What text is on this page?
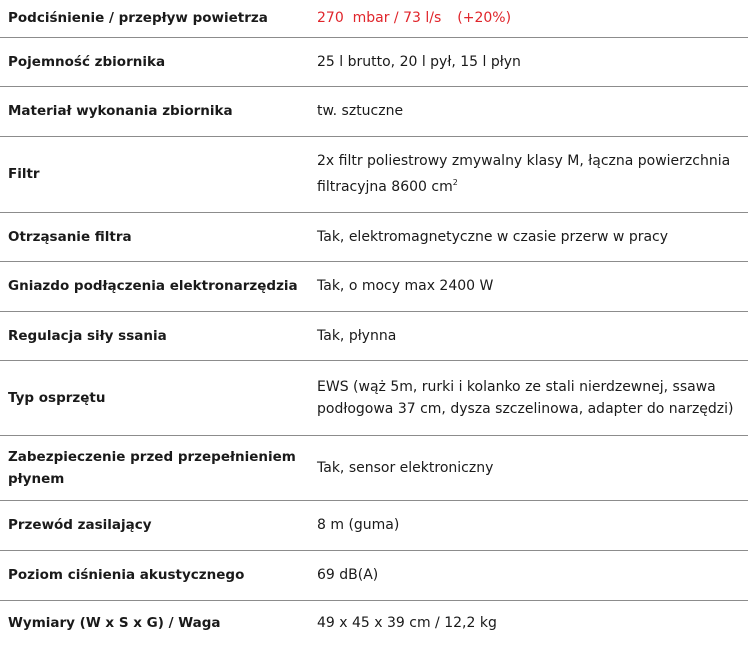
Podciśnienie / przepływ powietrza	270  mbar / 73 l/s (+20%)
Pojemność zbiornika	25 l brutto, 20 l pył, 15 l płyn
Materiał wykonania zbiornika	tw. sztuczne
Filtr	2x filtr poliestrowy zmywalny klasy M, łączna powierzchnia filtracyjna 8600 $cm^2$
Otrząsanie filtra	Tak, elektromagnetyczne w czasie przerw w pracy
Gniazdo podłączenia elektronarzędzia	Tak, o mocy max 2400 W
Regulacja siły ssania	Tak, płynna
Typ osprzętu	EWS (wąż 5m, rurki i kolanko ze stali nierdzewnej, ssawa podłogowa 37 cm, dysza szczelinowa, adapter do narzędzi)
Zabezpieczenie przed przepełnieniem płynem	Tak, sensor elektroniczny
Przewód zasilający	8 m (guma)
Poziom ciśnienia akustycznego	69 dB(A)
Wymiary (W x S x G) / Waga	49 x 45 x 39 cm / 12,2 kg
